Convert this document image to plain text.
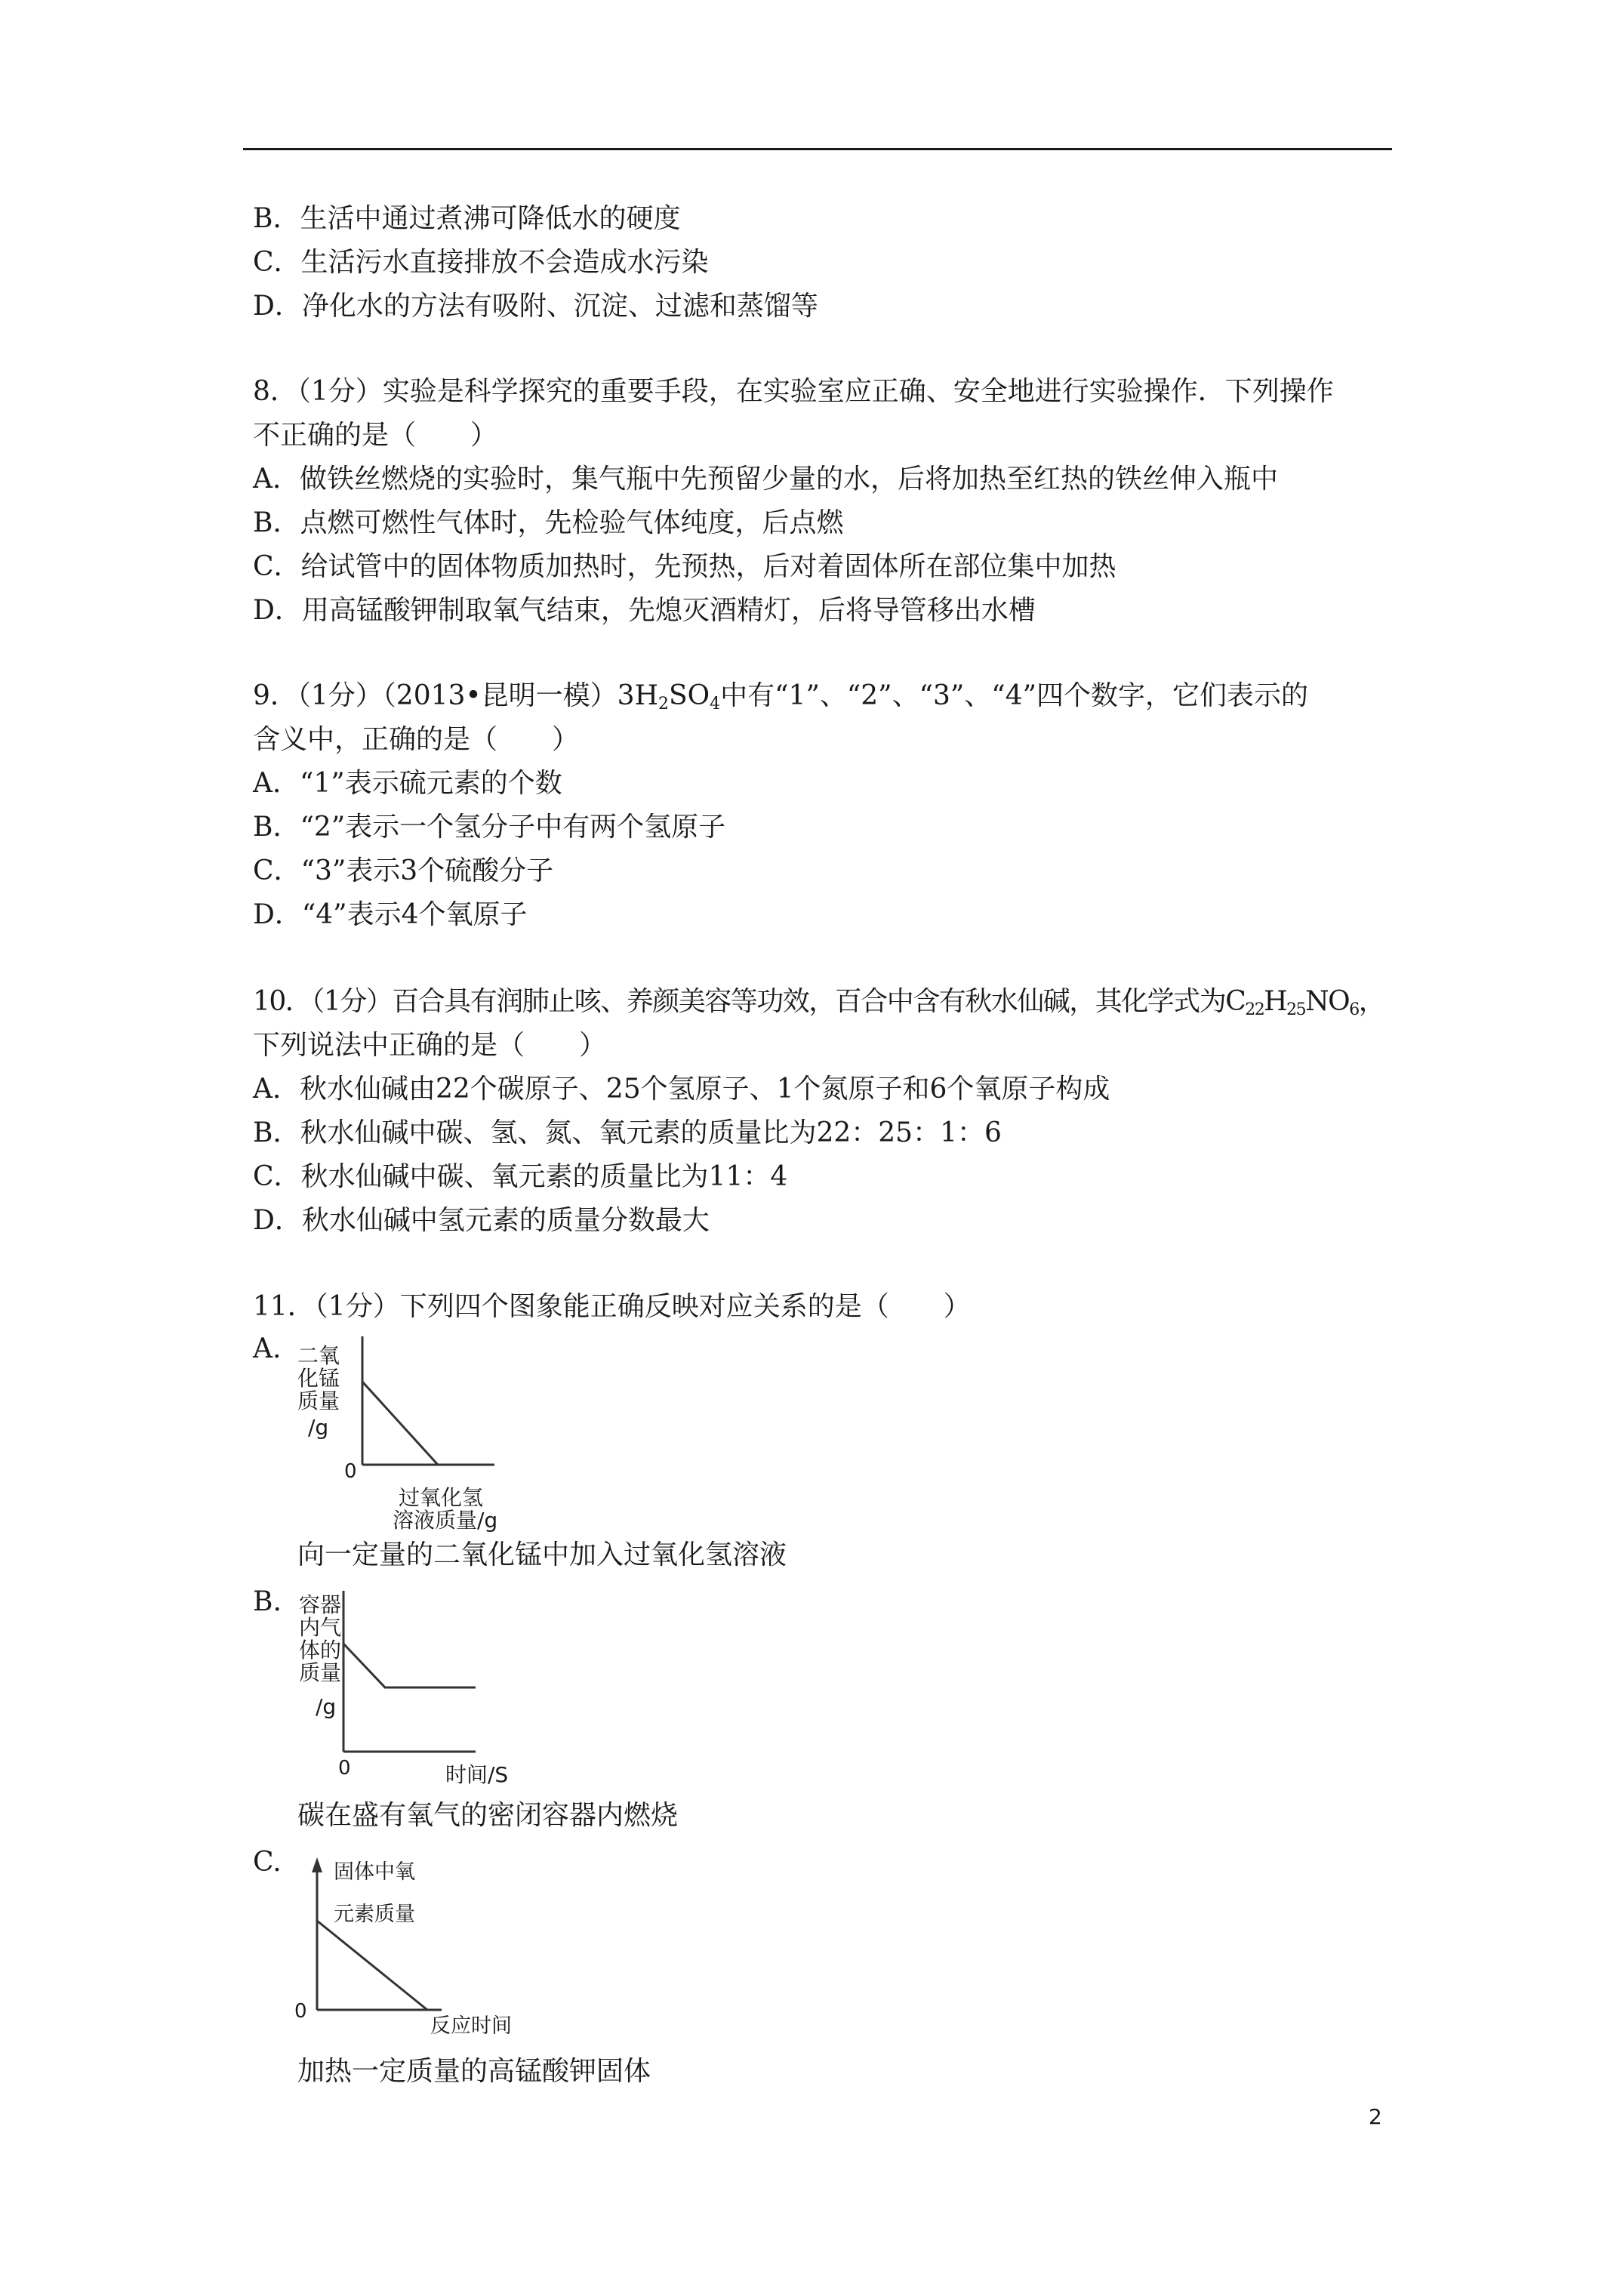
B．生活中通过煮沸可降低水的硬度
C．生活污水直接排放不会造成水污染
D．净化水的方法有吸附、沉淀、过滤和蒸馏等
8．（1分）实验是科学探究的重要手段，在实验室应正确、安全地进行实验操作．下列操作
不正确的是（　　）
A．做铁丝燃烧的实验时，集气瓶中先预留少量的水，后将加热至红热的铁丝伸入瓶中
B．点燃可燃性气体时，先检验气体纯度，后点燃
C．给试管中的固体物质加热时，先预热，后对着固体所在部位集中加热
D．用高锰酸钾制取氧气结束，先熄灭酒精灯，后将导管移出水槽
9．（1分）（2013•昆明一模）$3H_2SO_4$中有“1”、“2”、“3”、“4”四个数字，它们表示的
含义中，正确的是（　　）
A．“1”表示硫元素的个数
B．“2”表示一个氢分子中有两个氢原子
C．“3”表示3个硫酸分子
D．“4”表示4个氧原子
10．（1分）百合具有润肺止咳、养颜美容等功效，百合中含有秋水仙碱，其化学式为$C_{22}H_{25}NO_6$，
下列说法中正确的是（　　）
A．秋水仙碱由22个碳原子、25个氢原子、1个氮原子和6个氧原子构成
B．秋水仙碱中碳、氢、氮、氧元素的质量比为22：25：1：6
C．秋水仙碱中碳、氧元素的质量比为11：4
D．秋水仙碱中氢元素的质量分数最大
11．（1分）下列四个图象能正确反映对应关系的是（　　）
A. 二氧
化锰
质量
/g
0
过氧化氢
溶液质量/g
向一定量的二氧化锰中加入过氧化氢溶液
B. 容器
内气
体的
质量
/g
0	时间/S
碳在盛有氧气的密闭容器内燃烧
C.	固体中氧
元素质量
0
反应时间
加热一定质量的高锰酸钾固体
2
